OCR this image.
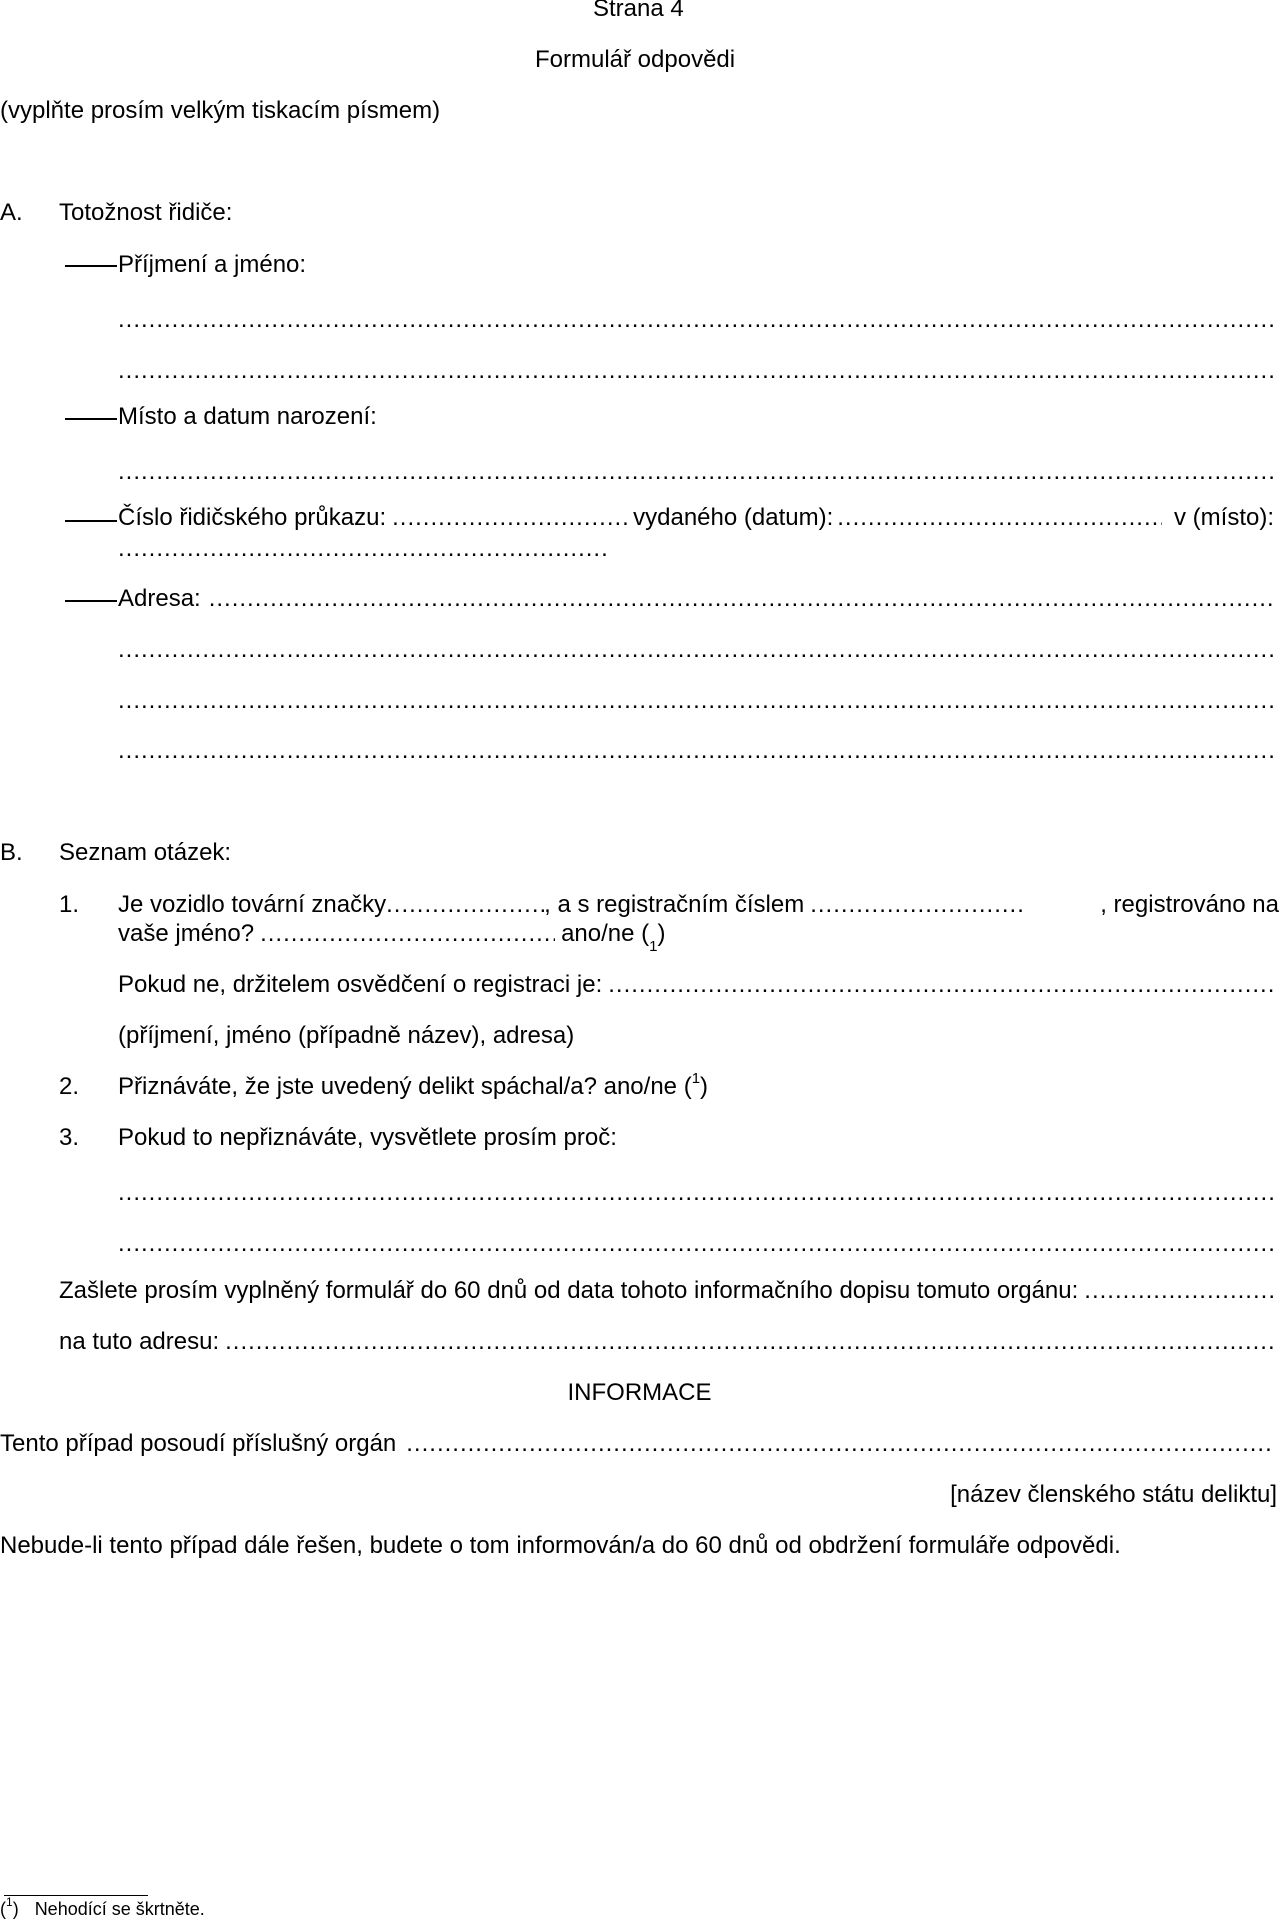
Strana 4
Formulář odpovědi
(vyplňte prosím velkým tiskacím písmem)
A. Totožnost řidiče:
Příjmení a jméno:
.....
.....
Místo a datum narození:
.....
Číslo řidičského průkazu: .....	vydaného (datum): .....	v (místo):
.....
Adresa:
.....
.....
.....
.....
B. Seznam otázek:
1. Je vozidlo tovární značky .....	, a s registračním číslem .....	, registrováno na
vaše jméno? .....	ano/ne ($^1$ )
Pokud ne, držitelem osvědčení o registraci je:
.....
(příjmení, jméno (případně název), adresa)
2. Přiznáváte, že jste uvedený delikt spáchal/a? ano/ne ($^1$)
3. Pokud to nepřiznáváte, vysvětlete prosím proč:
.....
.....
Zašlete prosím vyplněný formulář do 60 dnů od data tohoto informačního dopisu tomuto orgánu:
.....
na tuto adresu:
.....
INFORMACE
Tento případ posoudí příslušný orgán
.....
[název členského státu deliktu]
Nebude-li tento případ dále řešen, budete o tom informován/a do 60 dnů od obdržení formuláře odpovědi.
($^1$) Nehodící se škrtněte.
